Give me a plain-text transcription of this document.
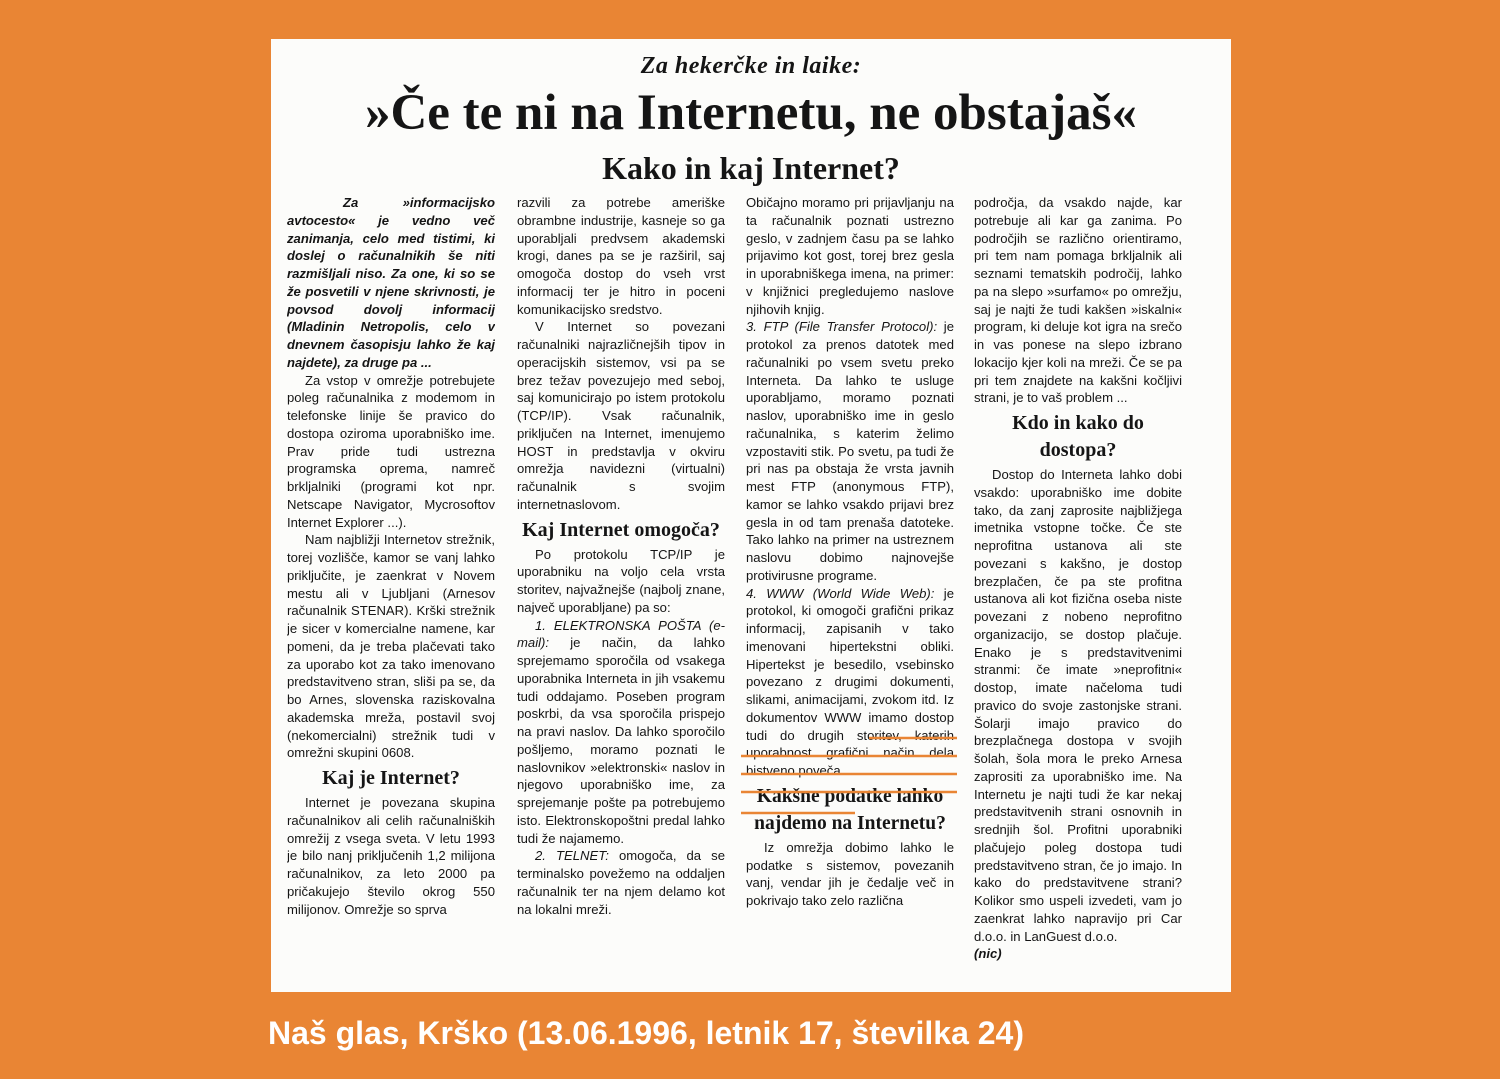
Za hekerčke in laike:
»Če te ni na Internetu, ne obstajaš«
Kako in kaj Internet?

Za »informacijsko avtocesto« je vedno več zanimanja, celo med tistimi, ki doslej o računalnikih še niti razmišljali niso. Za one, ki so se že posvetili v njene skrivnosti, je povsod dovolj informacij (Mladinin Netropolis, celo v dnevnem časopisju lahko že kaj najdete), za druge pa ...

Za vstop v omrežje potrebujete poleg računalnika z modemom in telefonske linije še pravico do dostopa oziroma uporabniško ime. Prav pride tudi ustrezna programska oprema, namreč brkljalniki (programi kot npr. Netscape Navigator, Mycrosoftov Internet Explorer ...).

Nam najbližji Internetov strežnik, torej vozlišče, kamor se vanj lahko priključite, je zaenkrat v Novem mestu ali v Ljubljani (Arnesov računalnik STENAR). Krški strežnik je sicer v komercialne namene, kar pomeni, da je treba plačevati tako za uporabo kot za tako imenovano predstavitveno stran, sliši pa se, da bo Arnes, slovenska raziskovalna akademska mreža, postavil svoj (nekomercialni) strežnik tudi v omrežni skupini 0608.

Kaj je Internet?

Internet je povezana skupina računalnikov ali celih računalniških omrežij z vsega sveta. V letu 1993 je bilo nanj priključenih 1,2 milijona računalnikov, za leto 2000 pa pričakujejo število okrog 550 milijonov. Omrežje so sprva

razvili za potrebe ameriške obrambne industrije, kasneje so ga uporabljali predvsem akademski krogi, danes pa se je razširil, saj omogoča dostop do vseh vrst informacij ter je hitro in poceni komunikacijsko sredstvo.

V Internet so povezani računalniki najrazličnejših tipov in operacijskih sistemov, vsi pa se brez težav povezujejo med seboj, saj komunicirajo po istem protokolu (TCP/IP). Vsak računalnik, priključen na Internet, imenujemo HOST in predstavlja v okviru omrežja navidezni (virtualni) računalnik s svojim internetnaslovom.

Kaj Internet omogoča?

Po protokolu TCP/IP je uporabniku na voljo cela vrsta storitev, najvažnejše (najbolj znane, največ uporabljane) pa so:

1. ELEKTRONSKA POŠTA (e-mail): je način, da lahko sprejemamo sporočila od vsakega uporabnika Interneta in jih vsakemu tudi oddajamo. Poseben program poskrbi, da vsa sporočila prispejo na pravi naslov. Da lahko sporočilo pošljemo, moramo poznati le naslovnikov »elektronski« naslov in njegovo uporabniško ime, za sprejemanje pošte pa potrebujemo isto. Elektronskopoštni predal lahko tudi že najamemo.

2. TELNET: omogoča, da se terminalsko povežemo na oddaljen računalnik ter na njem delamo kot na lokalni mreži.

Običajno moramo pri prijavljanju na ta računalnik poznati ustrezno geslo, v zadnjem času pa se lahko prijavimo kot gost, torej brez gesla in uporabniškega imena, na primer: v knjižnici pregledujemo naslove njihovih knjig.

3. FTP (File Transfer Protocol): je protokol za prenos datotek med računalniki po vsem svetu preko Interneta. Da lahko te usluge uporabljamo, moramo poznati naslov, uporabniško ime in geslo računalnika, s katerim želimo vzpostaviti stik. Po svetu, pa tudi že pri nas pa obstaja že vrsta javnih mest FTP (anonymous FTP), kamor se lahko vsakdo prijavi brez gesla in od tam prenaša datoteke. Tako lahko na primer na ustreznem naslovu dobimo najnovejše protivirusne programe.

4. WWW (World Wide Web): je protokol, ki omogoči grafični prikaz informacij, zapisanih v tako imenovani hipertekstni obliki. Hipertekst je besedilo, vsebinsko povezano z drugimi dokumenti, slikami, animacijami, zvokom itd. Iz dokumentov WWW imamo dostop tudi do drugih storitev, katerih uporabnost grafični način dela bistveno poveča.

Kakšne podatke lahko najdemo na Internetu?

Iz omrežja dobimo lahko le podatke s sistemov, povezanih vanj, vendar jih je čedalje več in pokrivajo tako zelo različna

področja, da vsakdo najde, kar potrebuje ali kar ga zanima. Po področjih se različno orientiramo, pri tem nam pomaga brkljalnik ali seznami tematskih področij, lahko pa na slepo »surfamo« po omrežju, saj je najti že tudi kakšen »iskalni« program, ki deluje kot igra na srečo in vas ponese na slepo izbrano lokacijo kjer koli na mreži. Če se pa pri tem znajdete na kakšni kočljivi strani, je to vaš problem ...

Kdo in kako do dostopa?

Dostop do Interneta lahko dobi vsakdo: uporabniško ime dobite tako, da zanj zaprosite najbližjega imetnika vstopne točke. Če ste neprofitna ustanova ali ste povezani s kakšno, je dostop brezplačen, če pa ste profitna ustanova ali kot fizična oseba niste povezani z nobeno neprofitno organizacijo, se dostop plačuje. Enako je s predstavitvenimi stranmi: če imate »neprofitni« dostop, imate načeloma tudi pravico do svoje zastonjske strani. Šolarji imajo pravico do brezplačnega dostopa v svojih šolah, šola mora le preko Arnesa zaprositi za uporabniško ime. Na Internetu je najti tudi že kar nekaj predstavitvenih strani osnovnih in srednjih šol. Profitni uporabniki plačujejo poleg dostopa tudi predstavitveno stran, če jo imajo. In kako do predstavitvene strani? Kolikor smo uspeli izvedeti, vam jo zaenkrat lahko napravijo pri Car d.o.o. in LanGuest d.o.o.

(nic)

Naš glas, Krško (13.06.1996, letnik 17, številka 24)
